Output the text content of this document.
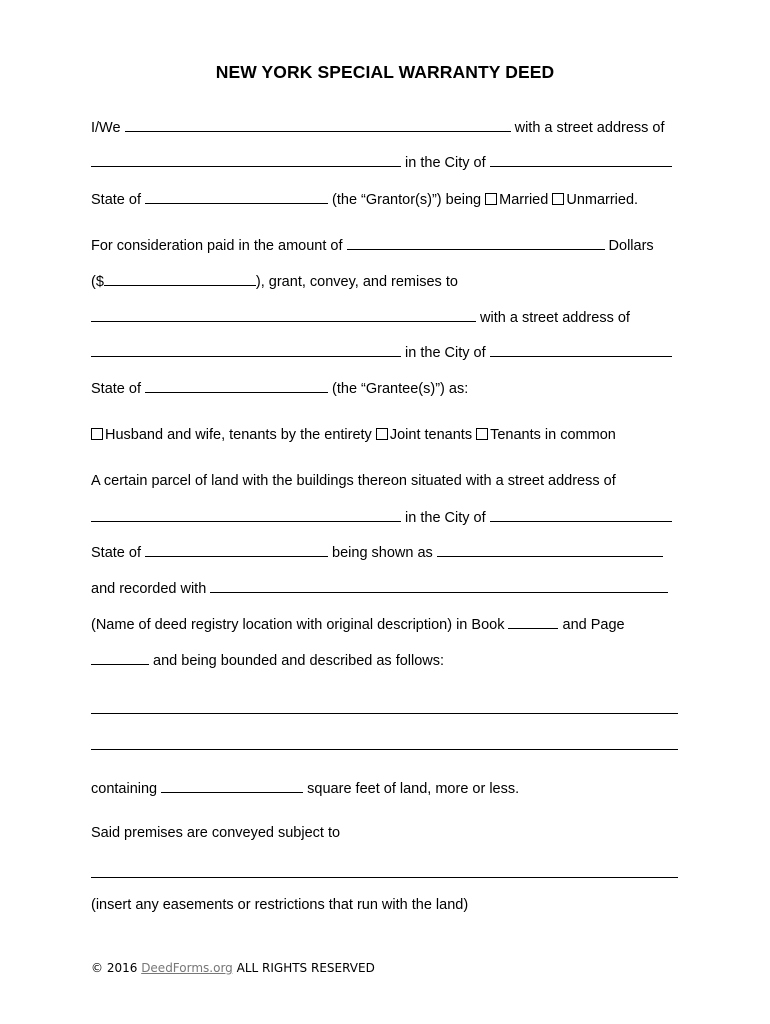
NEW YORK SPECIAL WARRANTY DEED
I/We	with a street address of
in the City of
State of	(the “Grantor(s)”) being Married Unmarried.
For consideration paid in the amount of	Dollars
($	), grant, convey, and remises to
with a street address of
in the City of
State of	(the “Grantee(s)”) as:
Husband and wife, tenants by the entirety Joint tenants Tenants in common
A certain parcel of land with the buildings thereon situated with a street address of
in the City of
State of	being shown as
and recorded with
(Name of deed registry location with original description) in Book	and Page
and being bounded and described as follows:
containing	square feet of land, more or less.
Said premises are conveyed subject to
(insert any easements or restrictions that run with the land)
© 2016 DeedForms.org ALL RIGHTS RESERVED
